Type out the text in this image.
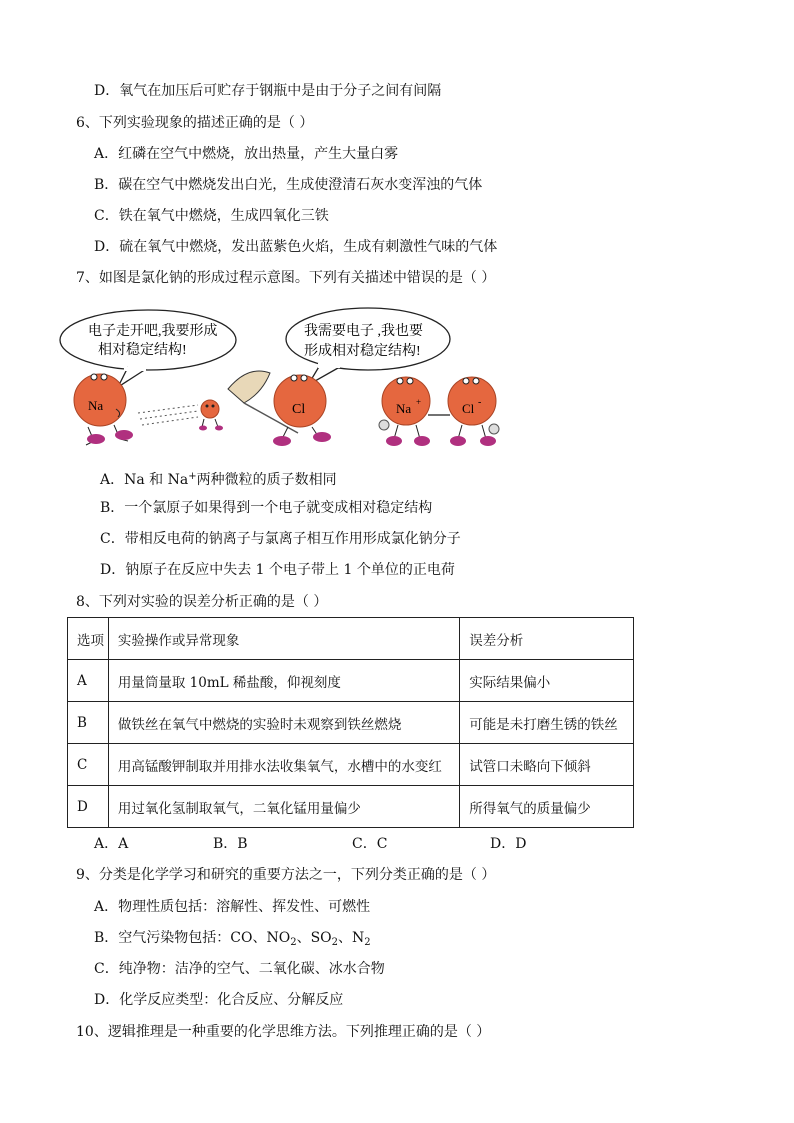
D．氧气在加压后可贮存于钢瓶中是由于分子之间有间隔
6、下列实验现象的描述正确的是（ ）
A．红磷在空气中燃烧，放出热量，产生大量白雾
B．碳在空气中燃烧发出白光，生成使澄清石灰水变浑浊的气体
C．铁在氧气中燃烧，生成四氧化三铁
D．硫在氧气中燃烧，发出蓝紫色火焰，生成有刺激性气味的气体
7、如图是氯化钠的形成过程示意图。下列有关描述中错误的是（ ）
电子走开吧,我要形成
相对稳定结构!
我需要电子 ,我也要
形成相对稳定结构!
Na	Cl	Na +	Cl -
A．Na 和 Na+两种微粒的质子数相同
B．一个氯原子如果得到一个电子就变成相对稳定结构
C．带相反电荷的钠离子与氯离子相互作用形成氯化钠分子
D．钠原子在反应中失去 1 个电子带上 1 个单位的正电荷
8、下列对实验的误差分析正确的是（ ）
选项	实验操作或异常现象	误差分析
A	用量筒量取 10mL 稀盐酸，仰视刻度	实际结果偏小
B	做铁丝在氧气中燃烧的实验时未观察到铁丝燃烧	可能是未打磨生锈的铁丝
C	用高锰酸钾制取并用排水法收集氧气，水槽中的水变红	试管口未略向下倾斜
D	用过氧化氢制取氧气，二氧化锰用量偏少	所得氧气的质量偏少
A．A	B．B	C．C	D．D
9、分类是化学学习和研究的重要方法之一，下列分类正确的是（ ）
A．物理性质包括：溶解性、挥发性、可燃性
B．空气污染物包括：CO、$NO_2$、$SO_2$、$N_2$
C．纯净物：洁净的空气、二氧化碳、冰水合物
D．化学反应类型：化合反应、分解反应
10、逻辑推理是一种重要的化学思维方法。下列推理正确的是（ ）
